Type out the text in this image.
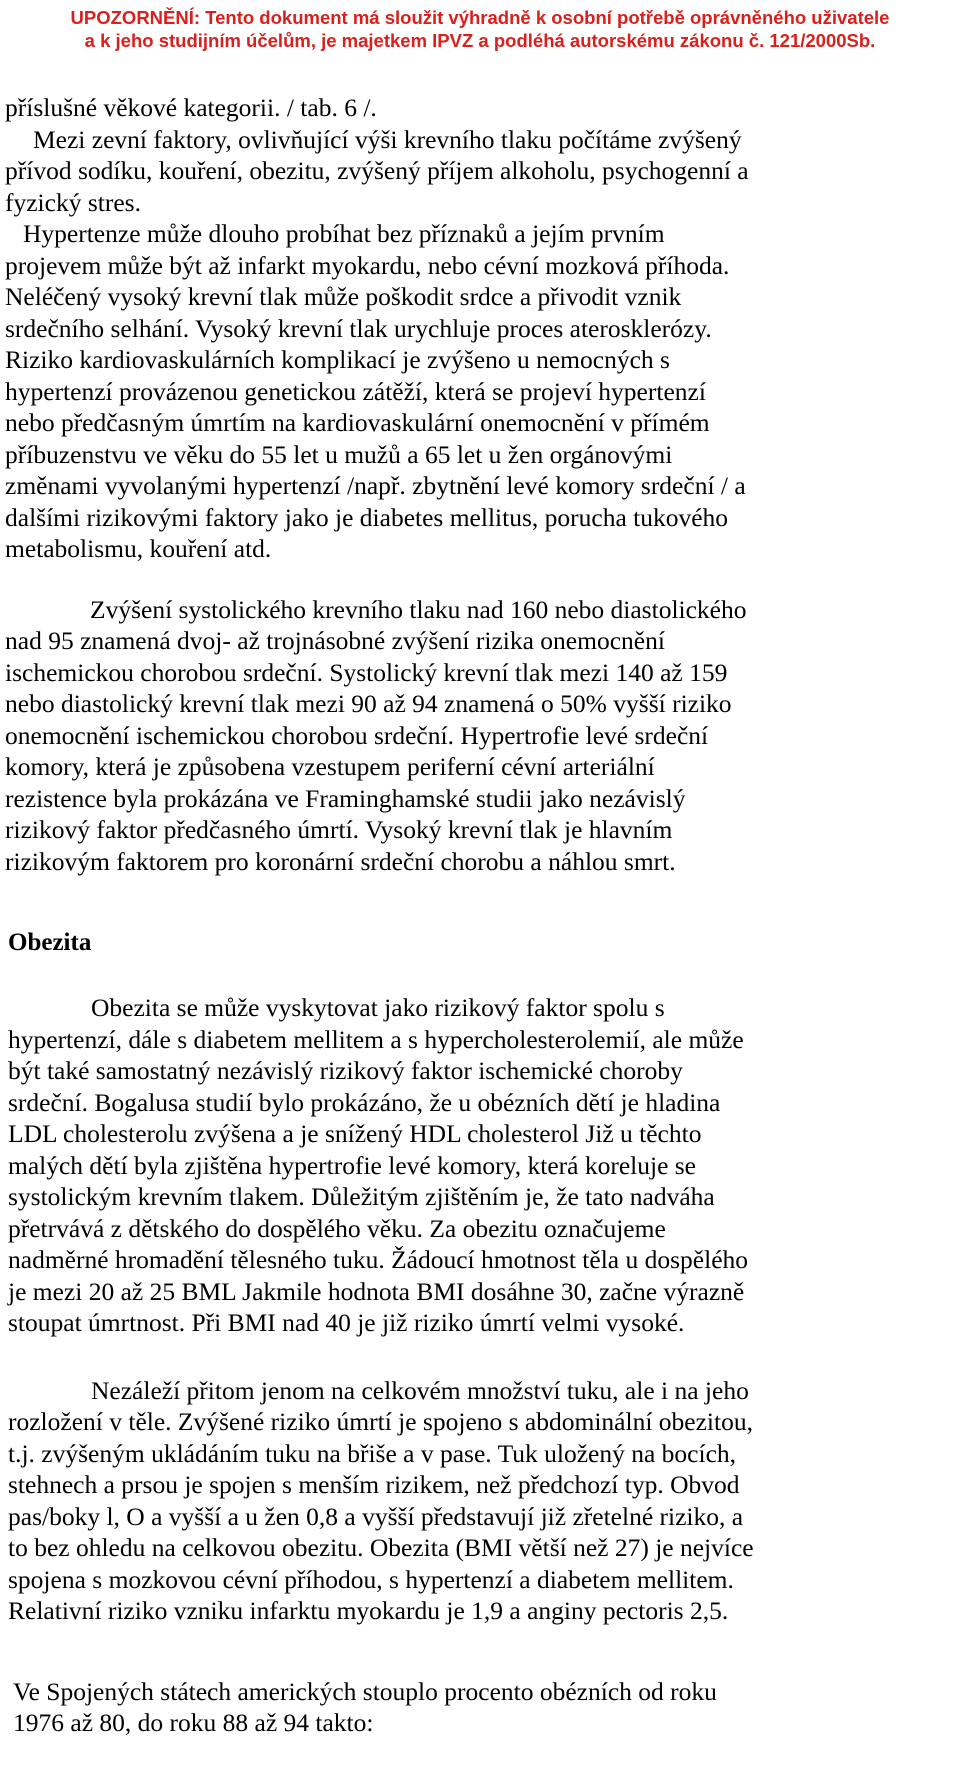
UPOZORNĚNÍ: Tento dokument má sloužit výhradně k osobní potřebě oprávněného uživatele
a k jeho studijním účelům, je majetkem IPVZ a podléhá autorskému zákonu č. 121/2000Sb.
příslušné věkové kategorii. / tab. 6 /.
Mezi zevní faktory, ovlivňující výši krevního tlaku počítáme zvýšený
přívod sodíku, kouření, obezitu, zvýšený příjem alkoholu, psychogenní a
fyzický stres.
Hypertenze může dlouho probíhat bez příznaků a jejím prvním
projevem může být až infarkt myokardu, nebo cévní mozková příhoda.
Neléčený vysoký krevní tlak může poškodit srdce a přivodit vznik
srdečního selhání. Vysoký krevní tlak urychluje proces aterosklerózy.
Riziko kardiovaskulárních komplikací je zvýšeno u nemocných s
hypertenzí provázenou genetickou zátěží, která se projeví hypertenzí
nebo předčasným úmrtím na kardiovaskulární onemocnění v přímém
příbuzenstvu ve věku do 55 let u mužů a 65 let u žen orgánovými
změnami vyvolanými hypertenzí /např. zbytnění levé komory srdeční / a
dalšími rizikovými faktory jako je diabetes mellitus, porucha tukového
metabolismu, kouření atd.
Zvýšení systolického krevního tlaku nad 160 nebo diastolického
nad 95 znamená dvoj- až trojnásobné zvýšení rizika onemocnění
ischemickou chorobou srdeční. Systolický krevní tlak mezi 140 až 159
nebo diastolický krevní tlak mezi 90 až 94 znamená o 50% vyšší riziko
onemocnění ischemickou chorobou srdeční. Hypertrofie levé srdeční
komory, která je způsobena vzestupem periferní cévní arteriální
rezistence byla prokázána ve Framinghamské studii jako nezávislý
rizikový faktor předčasného úmrtí. Vysoký krevní tlak je hlavním
rizikovým faktorem pro koronární srdeční chorobu a náhlou smrt.
Obezita
Obezita se může vyskytovat jako rizikový faktor spolu s
hypertenzí, dále s diabetem mellitem a s hypercholesterolemií, ale může
být také samostatný nezávislý rizikový faktor ischemické choroby
srdeční. Bogalusa studií bylo prokázáno, že u obézních dětí je hladina
LDL cholesterolu zvýšena a je snížený HDL cholesterol Již u těchto
malých dětí byla zjištěna hypertrofie levé komory, která koreluje se
systolickým krevním tlakem. Důležitým zjištěním je, že tato nadváha
přetrvává z dětského do dospělého věku. Za obezitu označujeme
nadměrné hromadění tělesného tuku. Žádoucí hmotnost těla u dospělého
je mezi 20 až 25 BML Jakmile hodnota BMI dosáhne 30, začne výrazně
stoupat úmrtnost. Při BMI nad 40 je již riziko úmrtí velmi vysoké.
Nezáleží přitom jenom na celkovém množství tuku, ale i na jeho
rozložení v těle. Zvýšené riziko úmrtí je spojeno s abdominální obezitou,
t.j. zvýšeným ukládáním tuku na břiše a v pase. Tuk uložený na bocích,
stehnech a prsou je spojen s menším rizikem, než předchozí typ. Obvod
pas/boky l, O a vyšší a u žen 0,8 a vyšší představují již zřetelné riziko, a
to bez ohledu na celkovou obezitu. Obezita (BMI větší než 27) je nejvíce
spojena s mozkovou cévní příhodou, s hypertenzí a diabetem mellitem.
Relativní riziko vzniku infarktu myokardu je 1,9 a anginy pectoris 2,5.
Ve Spojených státech amerických stouplo procento obézních od roku
1976 až 80, do roku 88 až 94 takto:
